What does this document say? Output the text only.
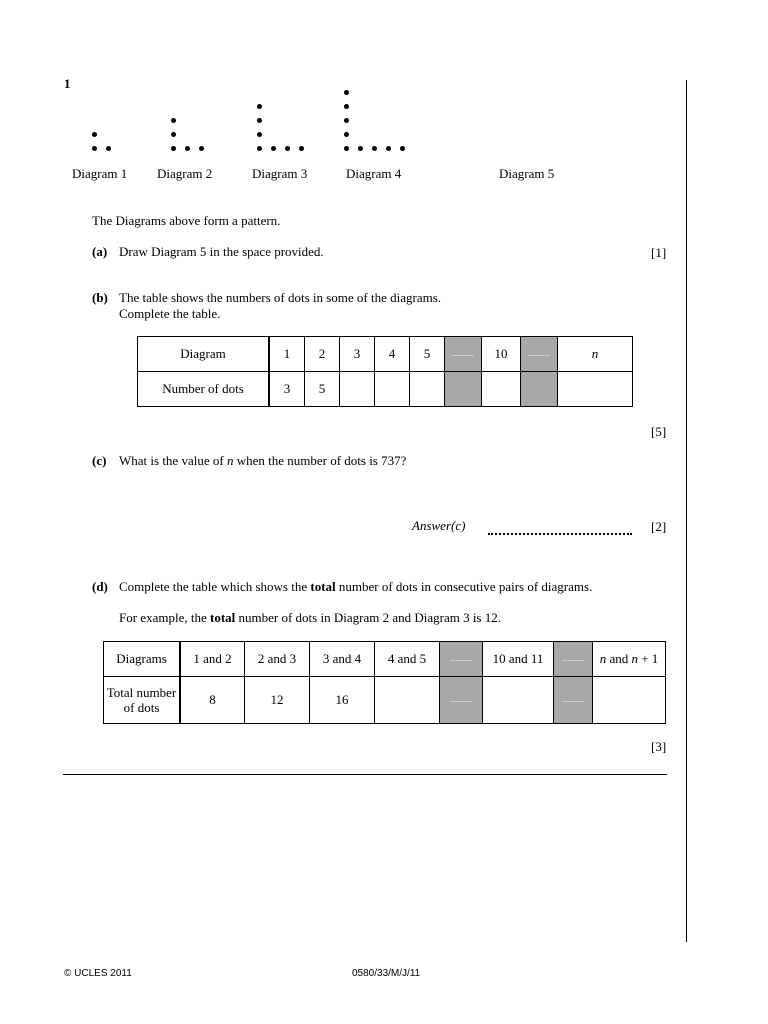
1
Diagram 1 Diagram 2	Diagram 3	Diagram 4	Diagram 5
The Diagrams above form a pattern.
(a) Draw Diagram 5 in the space provided.	[1]
(b) The table shows the numbers of dots in some of the diagrams.
Complete the table.
Diagram	1	2	3	4	5		10		n
Number of dots	3	5							
[5]
(c) What is the value of n when the number of dots is 737?
Answer(c)	[2]
(d) Complete the table which shows the total number of dots in consecutive pairs of diagrams.
For example, the total number of dots in Diagram 2 and Diagram 3 is 12.
Diagrams	1 and 2	2 and 3	3 and 4	4 and 5		10 and 11		n and n + 1
Total number of dots	8	12	16					
[3]
© UCLES 2011	0580/33/M/J/11
